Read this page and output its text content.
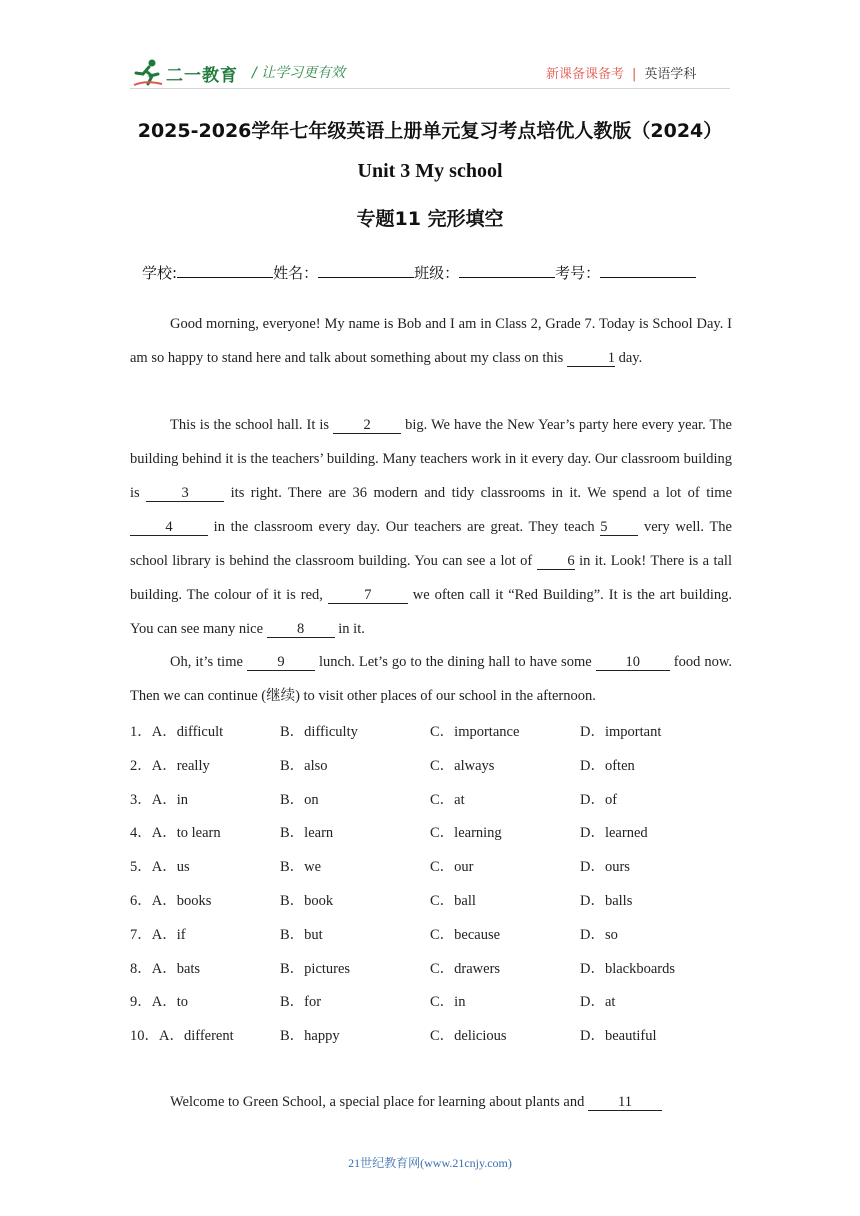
二一教育 / 让学习更有效	新课备课备考 | 英语学科
2025-2026学年七年级英语上册单元复习考点培优人教版（2024）
Unit 3 My school
专题11 完形填空
学校:	姓名：	班级：	考号：
Good morning, everyone! My name is Bob and I am in Class 2, Grade 7. Today is School Day. I am so happy to stand here and talk about something about my class on this	1 day.
This is the school hall. It is 2 big. We have the New Year’s party here every year. The building behind it is the teachers’ building. Many teachers work in it every day. Our classroom building is 3 its right. There are 36 modern and tidy classrooms in it. We spend a lot of time 4 in the classroom every day. Our teachers are great. They teach 5 very well. The school library is behind the classroom building. You can see a lot of 6 in it. Look! There is a tall building. The colour of it is red,	7	we often call it “Red Building”. It is the art building. You can see many nice 8 in it.
Oh, it’s time 9 lunch. Let’s go to the dining hall to have some 10 food now. Then we can continue (继续) to visit other places of our school in the afternoon.
1．A．difficult	B．difficulty	C．importance	D．important
2．A．really	B．also	C．always	D．often
3．A．in	B．on	C．at	D．of
4．A．to learn	B．learn	C．learning	D．learned
5．A．us	B．we	C．our	D．ours
6．A．books	B．book	C．ball	D．balls
7．A．if	B．but	C．because	D．so
8．A．bats	B．pictures	C．drawers	D．blackboards
9．A．to	B．for	C．in	D．at
10．A．different	B．happy	C．delicious	D．beautiful
Welcome to Green School, a special place for learning about plants and 11
21世纪教育网(www.21cnjy.com)
